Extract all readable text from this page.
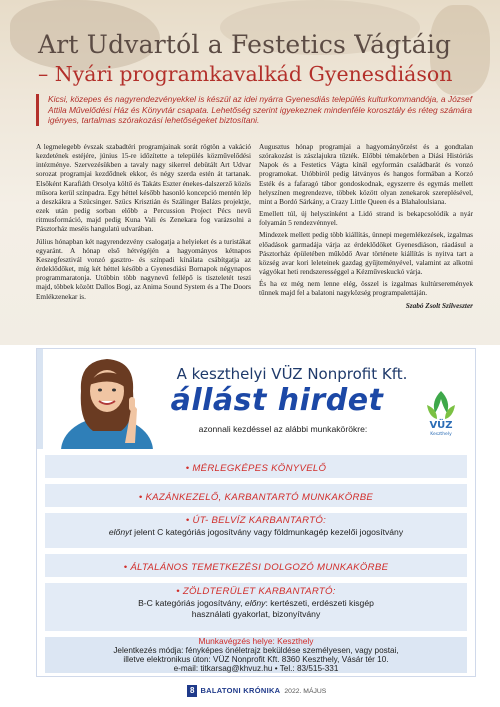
Art Udvartól a Festetics Vágtáig
– Nyári programkavalkád Gyenesdiáson
Kicsi, közepes és nagyrendezvényekkel is készül az idei nyárra Gyenesdiás település kulturkommandója, a József Attila Művelődési Ház és Könyvtár csapata. Lehetőség szerint igyekeznek mindenféle korosztály és réteg számára igényes, tartalmas szórakozási lehetőségeket biztosítani.

A legmelegebb évszak szabadtéri programjainak sorát rögtön a vakáció kezdetének estéjére, június 15-re időzítette a település közművelődési intézménye. Szervezésükben a tavaly nagy sikerrel debütált Art Udvar sorozat programjai kezdődnek ekkor, és négy szerda estén át tartanak. Elsőként Karafiáth Orsolya költő és Takáts Eszter énekes-dalszerző közös műsora kerül színpadra. Egy héttel később hasonló koncepció mentén lép a deszkákra a Szücsinger. Szücs Krisztián és Szálinger Balázs projektje, ezek után pedig sorban előbb a Percussion Project Pécs nevű ritmusformáció, majd pedig Kuna Vali és Zenekara fog varázsolni a Pásztorház meséis hangulatú udvarában.

Július hónapban két nagyrendezvény csalogatja a helyieket és a turistákat egyaránt. A hónap első hétvégéjén a hagyományos kétnapos Keszegfesztivál vonzó gasztro- és színpadi kínálata csábítgatja az érdeklődőket, míg két héttel később a Gyenesdiási Bornapok négynapos programmaratonja. Utóbbin több nagynevű fellépő is tiszteletét teszi majd, többek között Dallos Bogi, az Anima Sound System és a The Doors Emlékzenekar is.

Augusztus hónap programjai a hagyományőrzést és a gondtalan szórakozást is zászlajukra tűzték. Előbbi témakörben a Diási Históriás Napok és a Festetics Vágta kínál egyformán családbarát és vonzó programokat. Utóbbiról pedig látványos és hangos formában a Korzó Esték és a fafaragó tábor gondoskodnak, egyszerre és egymás mellett helyszínen megrendezve, többek között olyan zenekarok szereplésével, mint a Bordó Sárkány, a Crazy Little Queen és a Blahaloulsiana.

Emellett túl, új helyszínként a Lidó strand is bekapcsolódik a nyár folyamán 5 rendezvénnyel.

Mindezek mellett pedig több kiállítás, ünnepi megemlékezések, izgalmas előadások garmadája várja az érdeklődőket Gyenesdiáson, ráadásul a Pásztorház épületében működő Avar története kiállítás is nyitva tart a község avar kori leleteinek gazdag gyűjteményével, valamint az alkotni vágyókat heti rendszerességgel a Kézműveskuckó várja.

És ha ez még nem lenne elég, összel is izgalmas kultúrseremények tűnnek majd fel a balatoni nagyközség programpalettáján.

Szabó Zsolt Szilveszter
A keszthelyi VÜZ Nonprofit Kft.
állást hirdet
azonnali kezdéssel az alábbi munkakörökre:	VÜZ
Keszthely
• MÉRLEGKÉPES KÖNYVELŐ
• KAZÁNKEZELŐ, KARBANTARTÓ MUNKAKÖRBE
• ÚT- BELVÍZ KARBANTARTÓ:
előnyt jelent C kategóriás jogosítvány vagy földmunkagép kezelői jogosítvány
• ÁLTALÁNOS TEMETKEZÉSI DOLGOZÓ MUNKAKÖRBE
• ZÖLDTERÜLET KARBANTARTÓ:
B-C kategóriás jogosítvány, előny: kertészeti, erdészeti kisgép
használati gyakorlat, bizonyítvány
Munkavégzés helye: Keszthely
Jelentkezés módja: fényképes önéletrajz beküldése személyesen, vagy postai,
illetve elektronikus úton: VÜZ Nonprofit Kft. 8360 Keszthely, Vásár tér 10.
e-mail: titkarsag@khvuz.hu • Tel.: 83/515-331
8 BALATONI KRÓNIKA 2022. MÁJUS
